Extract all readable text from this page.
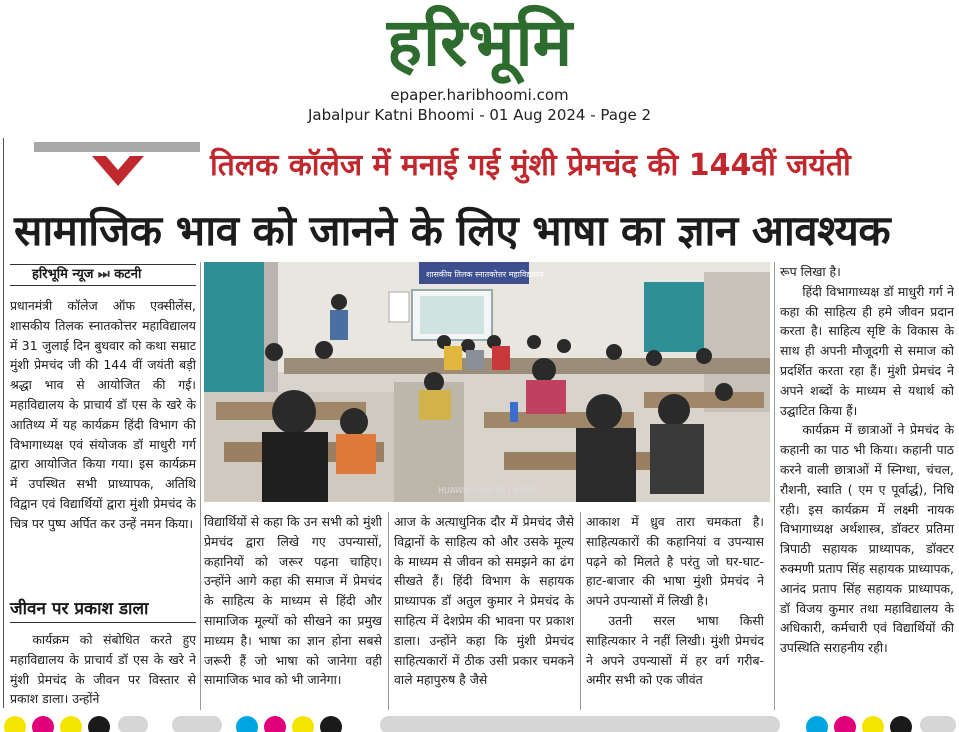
हरिभूमि
epaper.haribhoomi.com
Jabalpur Katni Bhoomi - 01 Aug 2024 - Page 2
तिलक कॉलेज में मनाई गई मुंशी प्रेमचंद की 144वीं जयंती
सामाजिक भाव को जानने के लिए भाषा का ज्ञान आवश्यक
हरिभूमि न्यूज ⏭ कटनी

प्रधानमंत्री कॉलेज ऑफ एक्सीलेंस, शासकीय तिलक स्नातकोत्तर महाविद्यालय में 31 जुलाई दिन बुधवार को कथा सम्राट मुंशी प्रेमचंद जी की 144 वीं जयंती बड़ी श्रद्धा भाव से आयोजित की गई। महाविद्यालय के प्राचार्य डॉ एस के खरे के आतिथ्य में यह कार्यक्रम हिंदी विभाग की विभागाध्यक्ष एवं संयोजक डॉ माधुरी गर्ग द्वारा आयोजित किया गया। इस कार्यक्रम में उपस्थित सभी प्राध्यापक, अतिथि विद्वान एवं विद्यार्थियों द्वारा मुंशी प्रेमचंद के चित्र पर पुष्प अर्पित कर उन्हें नमन किया।

जीवन पर प्रकाश डाला

कार्यक्रम को संबोधित करते हुए महाविद्यालय के प्राचार्य डॉ एस के खरे ने मुंशी प्रेमचंद के जीवन पर विस्तार से प्रकाश डाला। उन्होंने

शासकीय तिलक स्नातकोत्तर महाविद्यालय
HUAWEI P Pro 50 | BBMP

विद्यार्थियों से कहा कि उन सभी को मुंशी प्रेमचंद द्वारा लिखे गए उपन्यासों, कहानियों को जरूर पढ़ना चाहिए। उन्होंने आगे कहा की समाज में प्रेमचंद के साहित्य के माध्यम से हिंदी और सामाजिक मूल्यों को सीखने का प्रमुख माध्यम है। भाषा का ज्ञान होना सबसे जरूरी हैं जो भाषा को जानेगा वही सामाजिक भाव को भी जानेगा।

आज के अत्याधुनिक दौर में प्रेमचंद जैसे विद्वानों के साहित्य को और उसके मूल्य के माध्यम से जीवन को समझने का ढंग सीखते हैं। हिंदी विभाग के सहायक प्राध्यापक डॉ अतुल कुमार ने प्रेमचंद के साहित्य में देशप्रेम की भावना पर प्रकाश डाला। उन्होंने कहा कि मुंशी प्रेमचंद साहित्यकारों में ठीक उसी प्रकार चमकने वाले महापुरुष है जैसे

आकाश में ध्रुव तारा चमकता है। साहित्यकारों की कहानियां व उपन्यास पढ़ने को मिलते है परंतु जो घर-घाट-हाट-बाजार की भाषा मुंशी प्रेमचंद ने अपने उपन्यासों में लिखी है।

उतनी सरल भाषा किसी साहित्यकार ने नहीं लिखी। मुंशी प्रेमचंद ने अपने उपन्यासों में हर वर्ग गरीब-अमीर सभी को एक जीवंत

रूप लिखा है।

हिंदी विभागाध्यक्ष डॉ माधुरी गर्ग ने कहा की साहित्य ही हमे जीवन प्रदान करता है। साहित्य सृष्टि के विकास के साथ ही अपनी मौजूदगी से समाज को प्रदर्शित करता रहा हैं। मुंशी प्रेमचंद ने अपने शब्दों के माध्यम से यथार्थ को उद्घाटित किया हैं।

कार्यक्रम में छात्राओं ने प्रेमचंद के कहानी का पाठ भी किया। कहानी पाठ करने वाली छात्राओं में स्निग्धा, चंचल, रौशनी, स्वाति ( एम ए पूर्वार्द्ध), निधि रही। इस कार्यक्रम में लक्ष्मी नायक विभागाध्यक्ष अर्थशास्त्र, डॉक्टर प्रतिमा त्रिपाठी सहायक प्राध्यापक, डॉक्टर रुक्मणी प्रताप सिंह सहायक प्राध्यापक, आनंद प्रताप सिंह सहायक प्राध्यापक, डॉ विजय कुमार तथा महाविद्यालय के अधिकारी, कर्मचारी एवं विद्यार्थियों की उपस्थिति सराहनीय रही।
